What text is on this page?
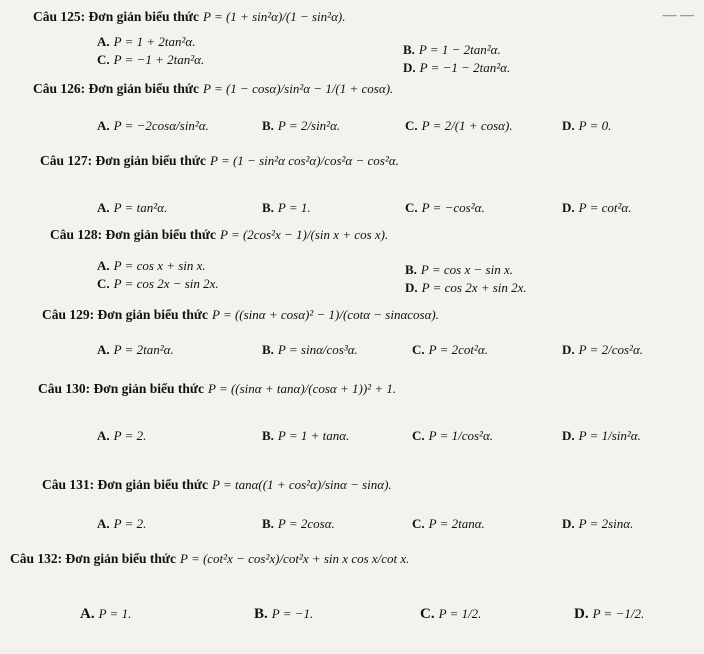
— —
Câu 125: Đơn giản biểu thức P = (1 + sin²α)/(1 − sin²α).
A. P = 1 + 2tan²α.
C. P = −1 + 2tan²α.
B. P = 1 − 2tan²α.
D. P = −1 − 2tan²α.
Câu 126: Đơn giản biểu thức P = (1 − cosα)/sin²α − 1/(1 + cosα).
A. P = −2cosα/sin²α.	B. P = 2/sin²α.	C. P = 2/(1 + cosα).	D. P = 0.
Câu 127: Đơn giản biểu thức P = (1 − sin²α cos²α)/cos²α − cos²α.
A. P = tan²α.	B. P = 1.	C. P = −cos²α.	D. P = cot²α.
Câu 128: Đơn giản biểu thức P = (2cos²x − 1)/(sin x + cos x).
A. P = cos x + sin x.
C. P = cos 2x − sin 2x.
B. P = cos x − sin x.
D. P = cos 2x + sin 2x.
Câu 129: Đơn giản biểu thức P = ((sinα + cosα)² − 1)/(cotα − sinαcosα).
A. P = 2tan²α.	B. P = sinα/cos³α.	C. P = 2cot²α.	D. P = 2/cos²α.
Câu 130: Đơn giản biểu thức P = ((sinα + tanα)/(cosα + 1))² + 1.
A. P = 2.	B. P = 1 + tanα.	C. P = 1/cos²α.	D. P = 1/sin²α.
Câu 131: Đơn giản biểu thức P = tanα((1 + cos²α)/sinα − sinα).
A. P = 2.	B. P = 2cosα.	C. P = 2tanα.	D. P = 2sinα.
Câu 132: Đơn giản biểu thức P = (cot²x − cos²x)/cot²x + sin x cos x/cot x.
A. P = 1.	B. P = −1.	C. P = 1/2.	D. P = −1/2.
